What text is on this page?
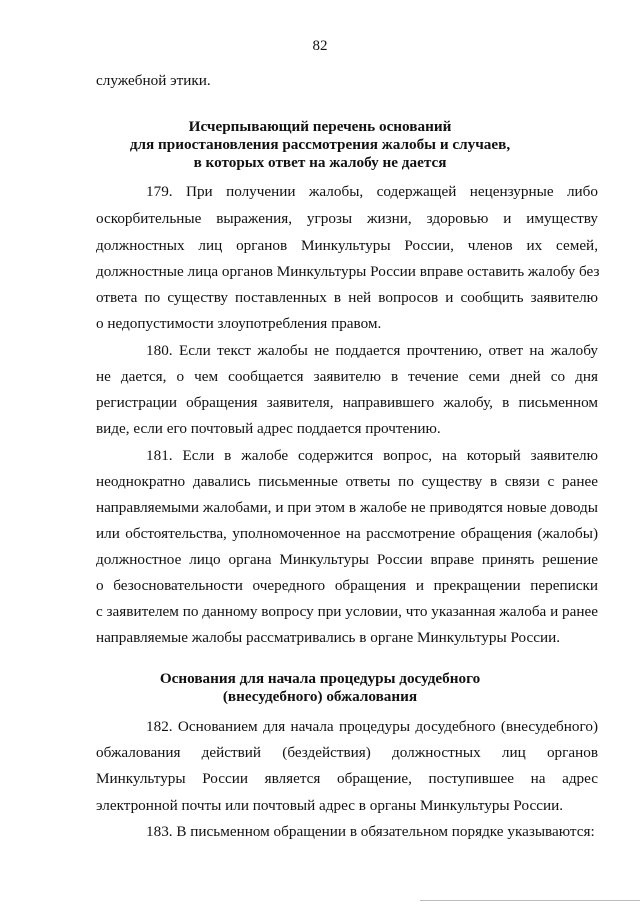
82
служебной этики.
Исчерпывающий перечень оснований
для приостановления рассмотрения жалобы и случаев,
в которых ответ на жалобу не дается
179. При получении жалобы, содержащей нецензурные либо
оскорбительные выражения, угрозы жизни, здоровью и имуществу
должностных лиц органов Минкультуры России, членов их семей,
должностные лица органов Минкультуры России вправе оставить жалобу без
ответа по существу поставленных в ней вопросов и сообщить заявителю
о недопустимости злоупотребления правом.
180. Если текст жалобы не поддается прочтению, ответ на жалобу
не дается, о чем сообщается заявителю в течение семи дней со дня
регистрации обращения заявителя, направившего жалобу, в письменном
виде, если его почтовый адрес поддается прочтению.
181. Если в жалобе содержится вопрос, на который заявителю
неоднократно давались письменные ответы по существу в связи с ранее
направляемыми жалобами, и при этом в жалобе не приводятся новые доводы
или обстоятельства, уполномоченное на рассмотрение обращения (жалобы)
должностное лицо органа Минкультуры России вправе принять решение
о безосновательности очередного обращения и прекращении переписки
с заявителем по данному вопросу при условии, что указанная жалоба и ранее
направляемые жалобы рассматривались в органе Минкультуры России.
Основания для начала процедуры досудебного
(внесудебного) обжалования
182. Основанием для начала процедуры досудебного (внесудебного)
обжалования действий (бездействия) должностных лиц органов
Минкультуры России является обращение, поступившее на адрес
электронной почты или почтовый адрес в органы Минкультуры России.
183. В письменном обращении в обязательном порядке указываются:
